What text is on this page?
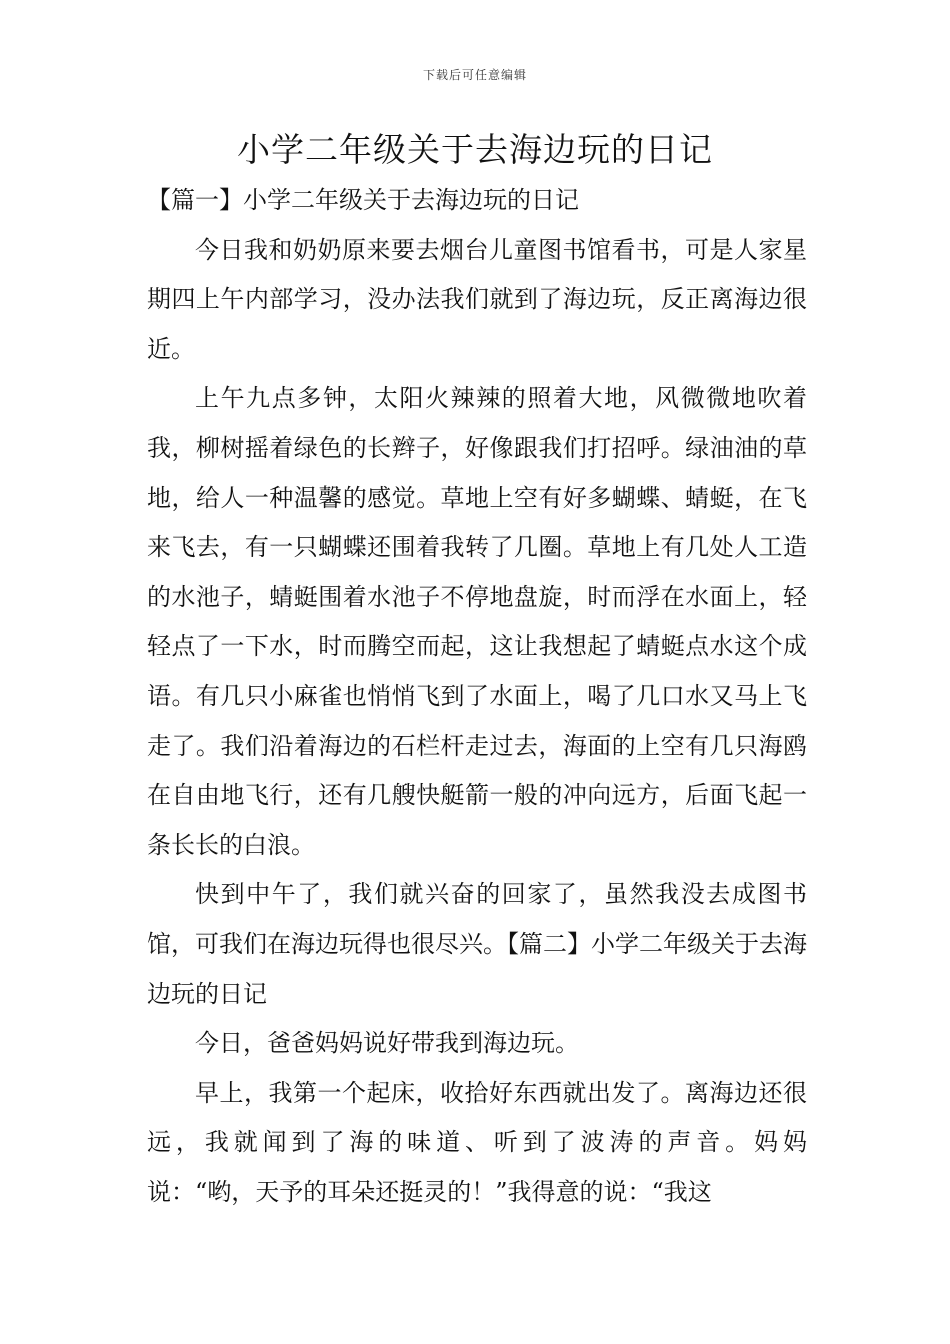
下载后可任意编辑
小学二年级关于去海边玩的日记

【篇一】小学二年级关于去海边玩的日记

今日我和奶奶原来要去烟台儿童图书馆看书，可是人家星期四上午内部学习，没办法我们就到了海边玩，反正离海边很近。

上午九点多钟，太阳火辣辣的照着大地，风微微地吹着我，柳树摇着绿色的长辫子，好像跟我们打招呼。绿油油的草地，给人一种温馨的感觉。草地上空有好多蝴蝶、蜻蜓，在飞来飞去，有一只蝴蝶还围着我转了几圈。草地上有几处人工造的水池子，蜻蜓围着水池子不停地盘旋，时而浮在水面上，轻轻点了一下水，时而腾空而起，这让我想起了蜻蜓点水这个成语。有几只小麻雀也悄悄飞到了水面上，喝了几口水又马上飞走了。我们沿着海边的石栏杆走过去，海面的上空有几只海鸥在自由地飞行，还有几艘快艇箭一般的冲向远方，后面飞起一条长长的白浪。

快到中午了，我们就兴奋的回家了，虽然我没去成图书馆，可我们在海边玩得也很尽兴。【篇二】小学二年级关于去海边玩的日记

今日，爸爸妈妈说好带我到海边玩。

早上，我第一个起床，收拾好东西就出发了。离海边还很远，我就闻到了海的味道、听到了波涛的声音。妈妈说：“哟，天予的耳朵还挺灵的！”我得意的说：“我这
